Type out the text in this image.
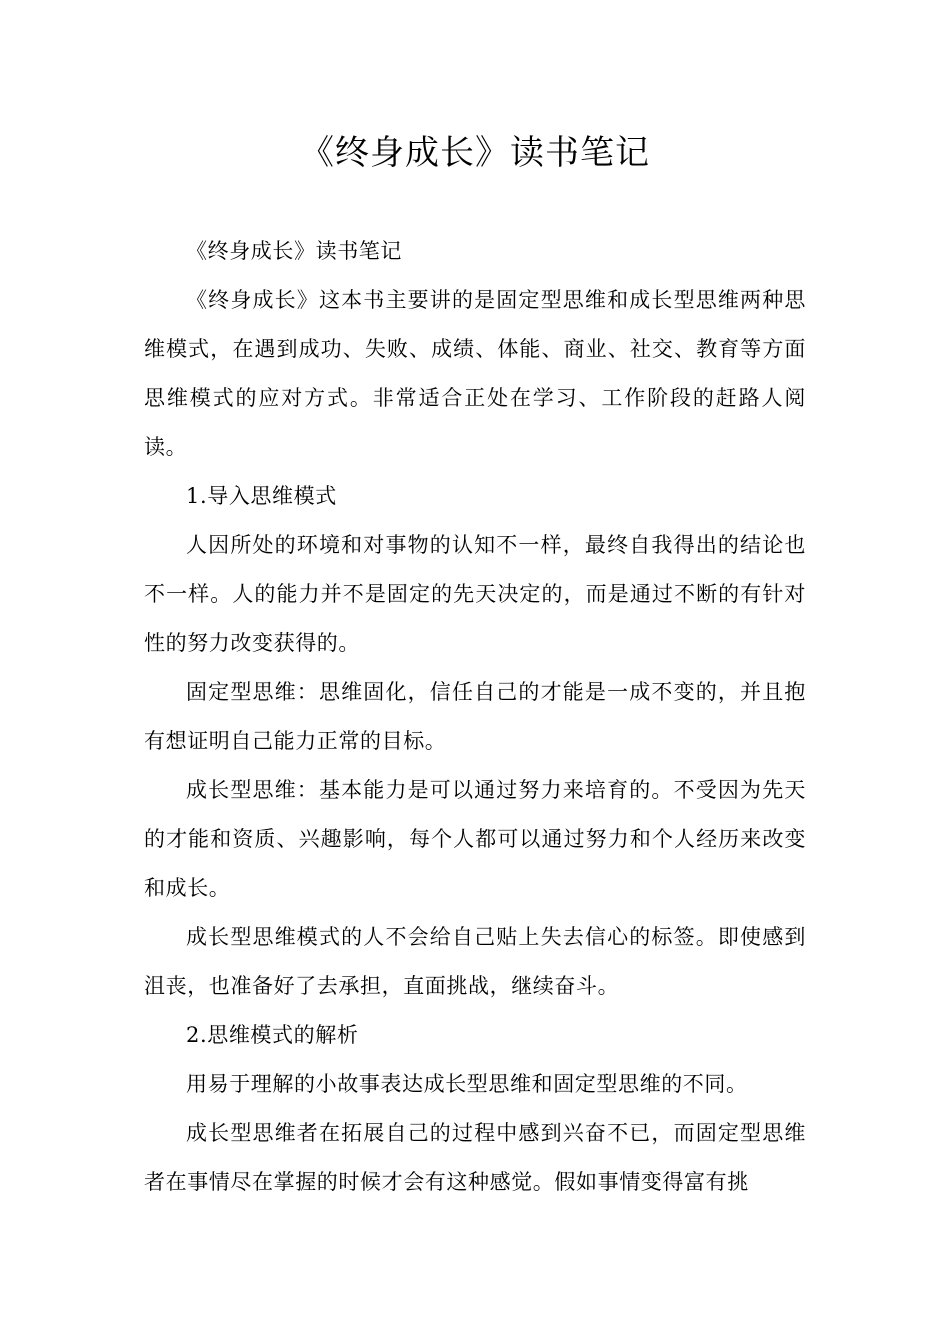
《终身成长》读书笔记

《终身成长》读书笔记

《终身成长》这本书主要讲的是固定型思维和成长型思维两种思维模式，在遇到成功、失败、成绩、体能、商业、社交、教育等方面思维模式的应对方式。非常适合正处在学习、工作阶段的赶路人阅读。

1.导入思维模式

人因所处的环境和对事物的认知不一样，最终自我得出的结论也不一样。人的能力并不是固定的先天决定的，而是通过不断的有针对性的努力改变获得的。

固定型思维：思维固化，信任自己的才能是一成不变的，并且抱有想证明自己能力正常的目标。

成长型思维：基本能力是可以通过努力来培育的。不受因为先天的才能和资质、兴趣影响，每个人都可以通过努力和个人经历来改变和成长。

成长型思维模式的人不会给自己贴上失去信心的标签。即使感到沮丧，也准备好了去承担，直面挑战，继续奋斗。

2.思维模式的解析

用易于理解的小故事表达成长型思维和固定型思维的不同。

成长型思维者在拓展自己的过程中感到兴奋不已，而固定型思维者在事情尽在掌握的时候才会有这种感觉。假如事情变得富有挑
